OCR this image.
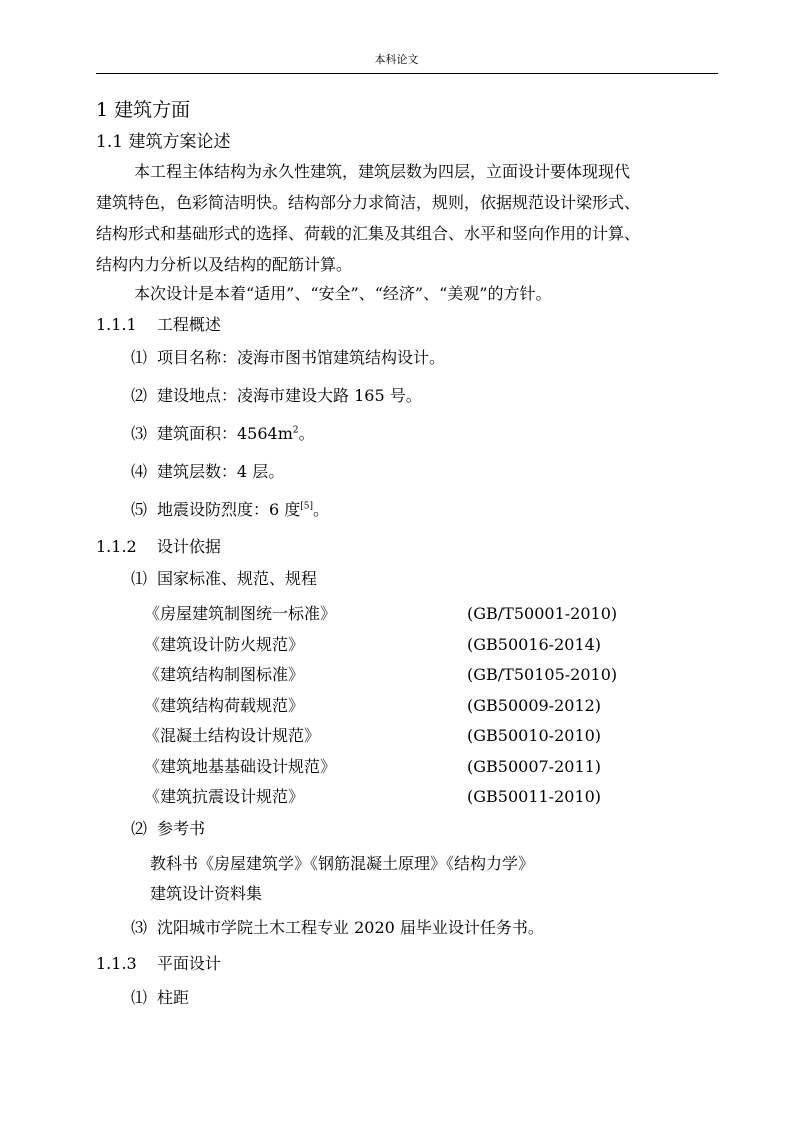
本科论文
1 建筑方面
1.1 建筑方案论述
本工程主体结构为永久性建筑，建筑层数为四层，立面设计要体现现代
建筑特色，色彩简洁明快。结构部分力求简洁，规则，依据规范设计梁形式、
结构形式和基础形式的选择、荷载的汇集及其组合、水平和竖向作用的计算、
结构内力分析以及结构的配筋计算。
本次设计是本着“适用”、“安全”、“经济”、“美观”的方针。
1.1.1 工程概述
⑴ 项目名称：凌海市图书馆建筑结构设计。
⑵ 建设地点：凌海市建设大路 165 号。
⑶ 建筑面积：$4564m^2$。
⑷ 建筑层数：4 层。
⑸ 地震设防烈度：6 度[5]。
1.1.2 设计依据
⑴ 国家标准、规范、规程
《房屋建筑制图统一标准》	(GB/T50001-2010)
《建筑设计防火规范》	(GB50016-2014)
《建筑结构制图标准》	(GB/T50105-2010)
《建筑结构荷载规范》	(GB50009-2012)
《混凝土结构设计规范》	(GB50010-2010)
《建筑地基基础设计规范》	(GB50007-2011)
《建筑抗震设计规范》	(GB50011-2010)
⑵ 参考书
教科书《房屋建筑学》《钢筋混凝土原理》《结构力学》
建筑设计资料集
⑶ 沈阳城市学院土木工程专业 2020 届毕业设计任务书。
1.1.3 平面设计
⑴ 柱距
